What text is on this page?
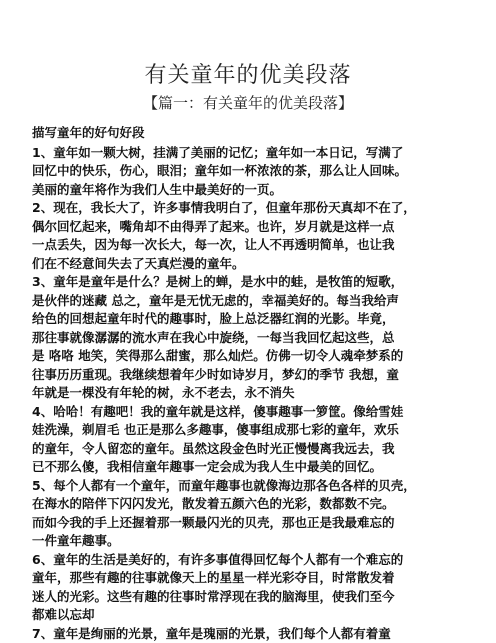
有关童年的优美段落
【篇一：有关童年的优美段落】
描写童年的好句好段
1、童年如一颗大树，挂满了美丽的记忆；童年如一本日记，写满了
回忆中的快乐，伤心，眼泪；童年如一杯浓浓的茶，那么让人回味。
美丽的童年将作为我们人生中最美好的一页。
2、现在，我长大了，许多事情我明白了，但童年那份天真却不在了，
偶尔回忆起来，嘴角却不由得弄了起来。也许，岁月就是这样一点
一点丢失，因为每一次长大，每一次，让人不再透明简单，也让我
们在不经意间失去了天真烂漫的童年。
3、童年是童年是什么？是树上的蝉，是水中的蛙，是牧笛的短歌，
是伙伴的迷藏 总之，童年是无忧无虑的，幸福美好的。每当我给声
给色的回想起童年时代的趣事时，脸上总泛器红润的光影。毕竟，
那往事就像潺潺的流水声在我心中旋绕，一每当我回忆起这些，总
是 咯咯 地笑，笑得那么甜蜜，那么灿烂。仿佛一切令人魂牵梦系的
往事历历重现。我继续想着年少时如诗岁月，梦幻的季节 我想，童
年就是一棵没有年轮的树，永不老去，永不消失
4、哈哈！有趣吧！我的童年就是这样，傻事趣事一箩筐。像给雪娃
娃洗澡，剃眉毛 也正是那么多趣事，傻事组成那七彩的童年，欢乐
的童年，令人留恋的童年。虽然这段金色时光正慢慢离我远去，我
已不那么傻，我相信童年趣事一定会成为我人生中最美的回忆。
5、每个人都有一个童年，而童年趣事也就像海边那各色各样的贝壳，
在海水的陪伴下闪闪发光，散发着五颜六色的光彩，数都数不完。
而如今我的手上还握着那一颗最闪光的贝壳，那也正是我最难忘的
一件童年趣事。
6、童年的生活是美好的，有许多事值得回忆每个人都有一个难忘的
童年，那些有趣的往事就像天上的星星一样光彩夺目，时常散发着
迷人的光彩。这些有趣的往事时常浮现在我的脑海里，使我们至今
都难以忘却
7、童年是绚丽的光景，童年是瑰丽的光景，我们每个人都有着童
